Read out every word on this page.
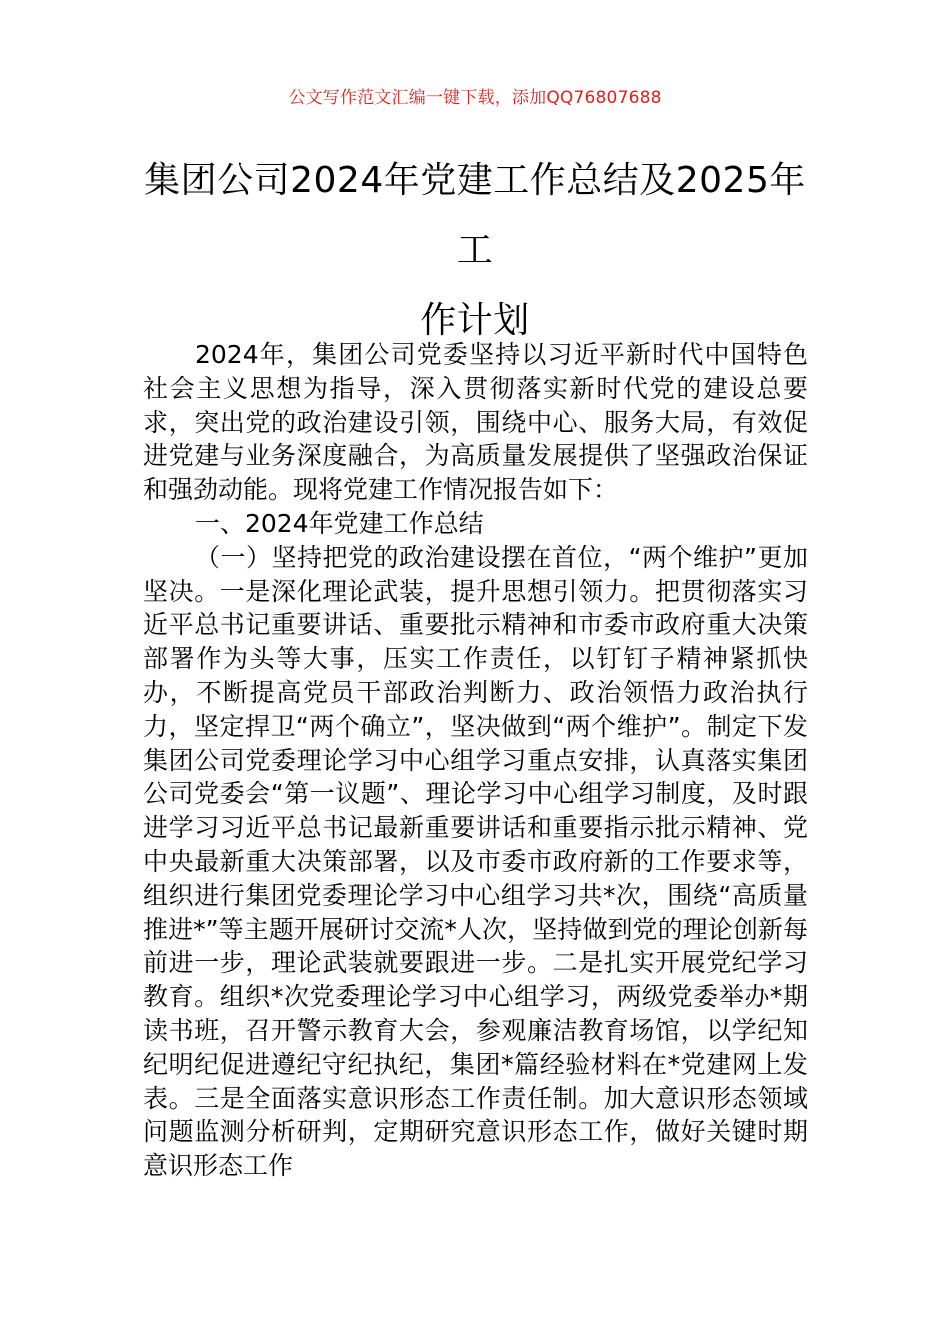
公文写作范文汇编一键下载，添加QQ76807688
集团公司2024年党建工作总结及2025年工
作计划

2024年，集团公司党委坚持以习近平新时代中国特色社会主义思想为指导，深入贯彻落实新时代党的建设总要求，突出党的政治建设引领，围绕中心、服务大局，有效促进党建与业务深度融合，为高质量发展提供了坚强政治保证和强劲动能。现将党建工作情况报告如下：

一、2024年党建工作总结

（一）坚持把党的政治建设摆在首位，“两个维护”更加坚决。一是深化理论武装，提升思想引领力。把贯彻落实习近平总书记重要讲话、重要批示精神和市委市政府重大决策部署作为头等大事，压实工作责任，以钉钉子精神紧抓快办，不断提高党员干部政治判断力、政治领悟力政治执行力，坚定捍卫“两个确立”，坚决做到“两个维护”。制定下发集团公司党委理论学习中心组学习重点安排，认真落实集团公司党委会“第一议题”、理论学习中心组学习制度，及时跟进学习习近平总书记最新重要讲话和重要指示批示精神、党中央最新重大决策部署，以及市委市政府新的工作要求等，组织进行集团党委理论学习中心组学习共*次，围绕“高质量推进*”等主题开展研讨交流*人次，坚持做到党的理论创新每前进一步，理论武装就要跟进一步。二是扎实开展党纪学习教育。组织*次党委理论学习中心组学习，两级党委举办*期读书班，召开警示教育大会，参观廉洁教育场馆，以学纪知纪明纪促进遵纪守纪执纪，集团*篇经验材料在*党建网上发表。三是全面落实意识形态工作责任制。加大意识形态领域问题监测分析研判，定期研究意识形态工作，做好关键时期意识形态工作
